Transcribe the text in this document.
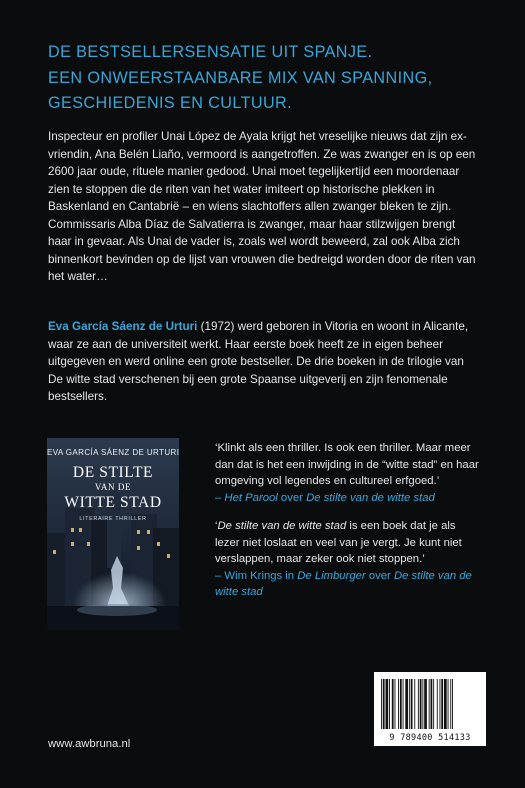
DE BESTSELLERSENSATIE UIT SPANJE.
EEN ONWEERSTAANBARE MIX VAN SPANNING,
GESCHIEDENIS EN CULTUUR.

Inspecteur en profiler Unai López de Ayala krijgt het vreselijke nieuws dat zijn ex-vriendin, Ana Belén Liaño, vermoord is aangetroffen. Ze was zwanger en is op een 2600 jaar oude, rituele manier gedood. Unai moet tegelijkertijd een moordenaar zien te stoppen die de riten van het water imiteert op historische plekken in Baskenland en Cantabrië – en wiens slachtoffers allen zwanger bleken te zijn. Commissaris Alba Díaz de Salvatierra is zwanger, maar haar stilzwijgen brengt haar in gevaar. Als Unai de vader is, zoals wel wordt beweerd, zal ook Alba zich binnenkort bevinden op de lijst van vrouwen die bedreigd worden door de riten van het water…

Eva García Sáenz de Urturi (1972) werd geboren in Vitoria en woont in Alicante, waar ze aan de universiteit werkt. Haar eerste boek heeft ze in eigen beheer uitgegeven en werd online een grote bestseller. De drie boeken in de trilogie van De witte stad verschenen bij een grote Spaanse uitgeverij en zijn fenomenale bestsellers.

EVA GARCÍA SÁENZ DE URTURI
DE STILTE
VAN DE
WITTE STAD
LITERAIRE THRILLER
‘Klinkt als een thriller. Is ook een thriller. Maar meer dan dat is het een inwijding in de “witte stad” en haar omgeving vol legendes en cultureel erfgoed.’
– Het Parool over De stilte van de witte stad
‘De stilte van de witte stad is een boek dat je als lezer niet loslaat en veel van je vergt. Je kunt niet verslappen, maar zeker ook niet stoppen.’
– Wim Krings in De Limburger over De stilte van de witte stad
9 789400 514133
www.awbruna.nl
